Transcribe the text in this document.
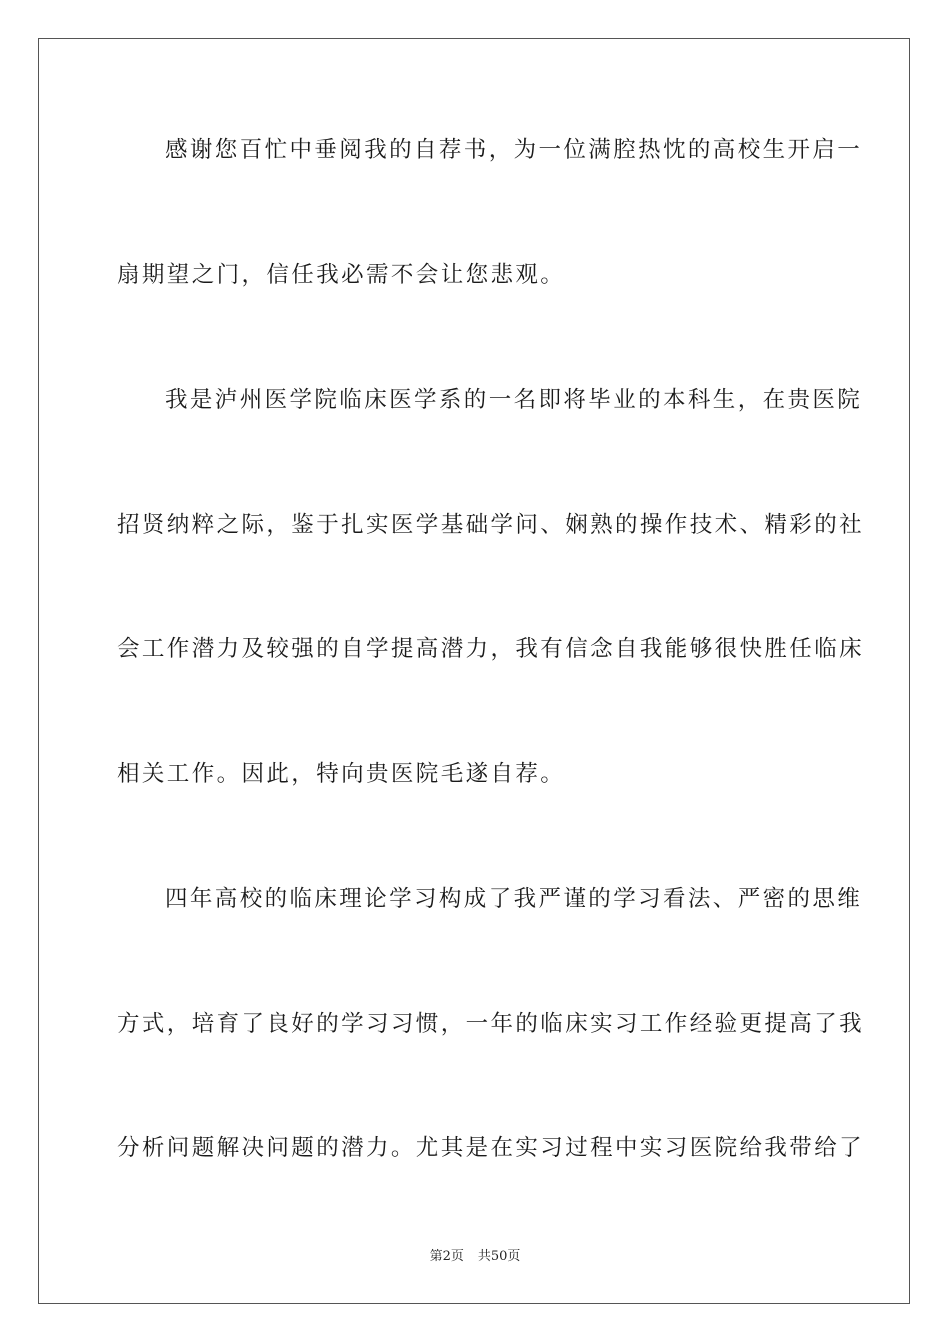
感谢您百忙中垂阅我的自荐书，为一位满腔热忱的高校生开启一
扇期望之门，信任我必需不会让您悲观。
我是泸州医学院临床医学系的一名即将毕业的本科生，在贵医院
招贤纳粹之际，鉴于扎实医学基础学问、娴熟的操作技术、精彩的社
会工作潜力及较强的自学提高潜力，我有信念自我能够很快胜任临床
相关工作。因此，特向贵医院毛遂自荐。
四年高校的临床理论学习构成了我严谨的学习看法、严密的思维
方式，培育了良好的学习习惯，一年的临床实习工作经验更提高了我
分析问题解决问题的潜力。尤其是在实习过程中实习医院给我带给了
第2页 共50页
